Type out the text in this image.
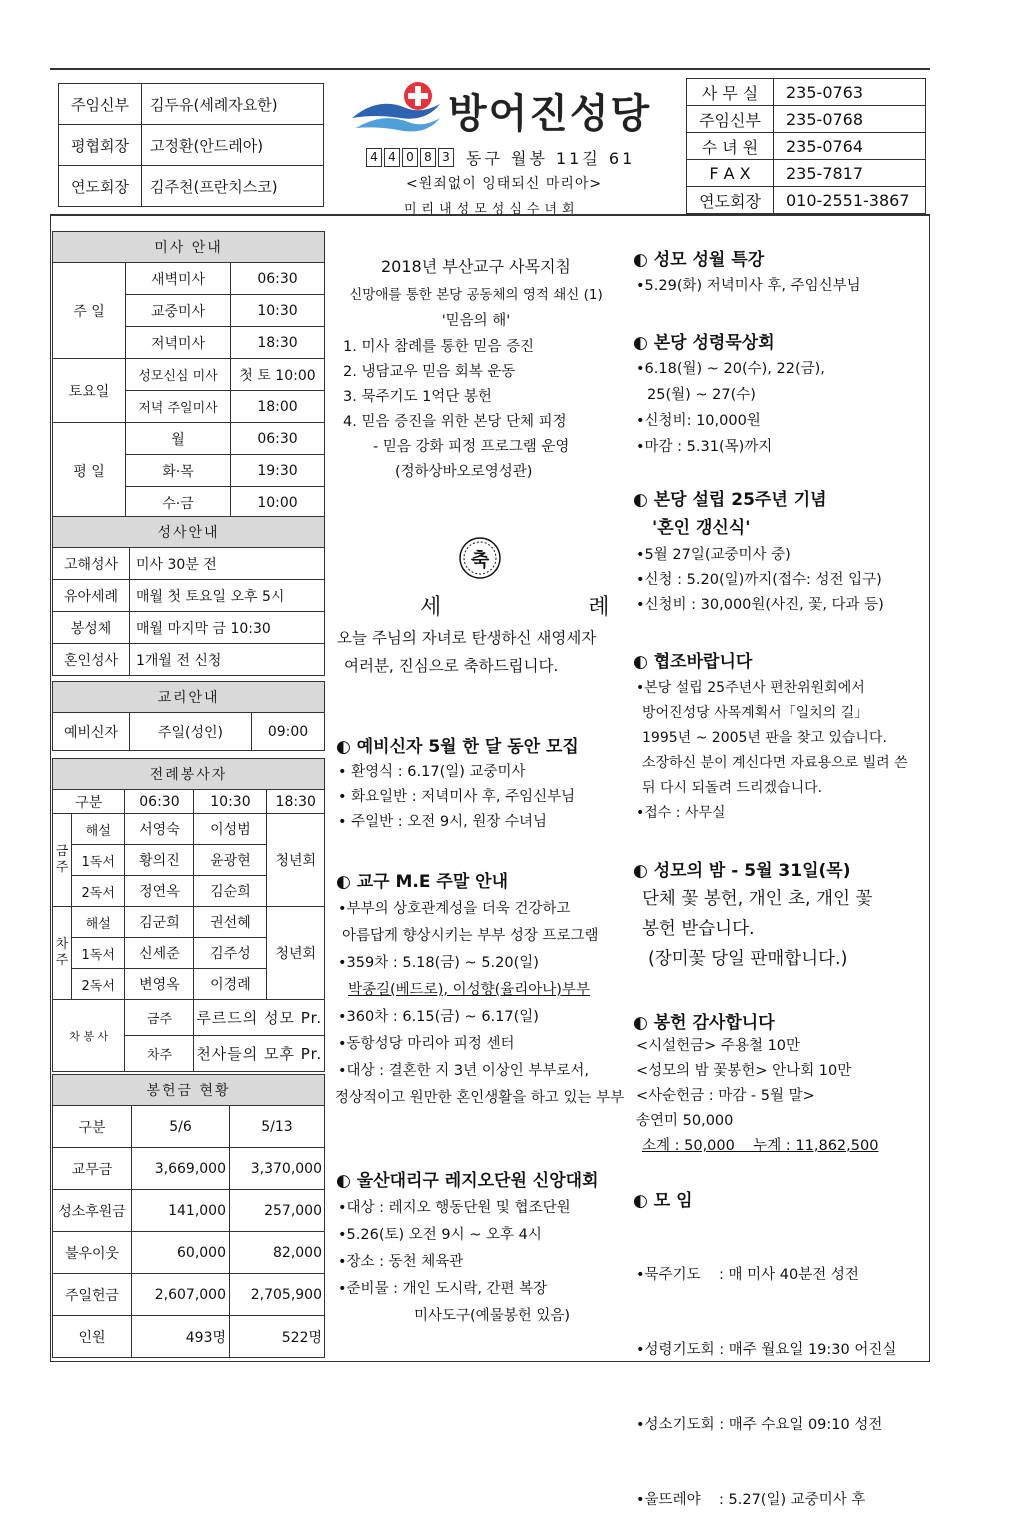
주임신부	김두유(세례자요한)
평협회장	고정환(안드레아)
연도회장	김주천(프란치스코)
방어진성당
4 4 0 8 3 동구 월봉 11길 61
<원죄없이 잉태되신 마리아>
미리내성모성심수녀회
사 무 실	235-0763
주임신부	235-0768
수 녀 원	235-0764
F A X	235-7817
연도회장	010-2551-3867
미사 안내		
주 일	새벽미사	06:30
	교중미사	10:30
	저녁미사	18:30
토요일	성모신심 미사	첫 토 10:00
	저녁 주일미사	18:00
평 일	월	06:30
	화·목	19:30
	수·금	10:00
성사안내	
고해성사	미사 30분 전
유아세례	매월 첫 토요일 오후 5시
봉성체	매월 마지막 금 10:30
혼인성사	1개월 전 신청
교리안내
예비신자	주일(성인)	09:00
전례봉사자				
구분		06:30	10:30	18:30
금주	해설	서영숙	이성범	청년회
	1독서	황의진	윤광현	
	2독서	정연옥	김순희	
차주	해설	김군희	권선혜	청년회
	1독서	신세준	김주성	
	2독서	변영옥	이경례	
차 봉 사		금주	루르드의 성모 Pr.	
		차주	천사들의 모후 Pr.	
봉헌금 현황		
구분	5/6	5/13
교무금	3,669,000	3,370,000
성소후원금	141,000	257,000
불우이웃	60,000	82,000
주일헌금	2,607,000	2,705,900
인원	493명	522명
2018년 부산교구 사목지침
신망애를 통한 본당 공동체의 영적 쇄신 (1)
'믿음의 해'
1. 미사 참례를 통한 믿음 증진
2. 냉담교우 믿음 회복 운동
3. 묵주기도 1억단 봉헌
4. 믿음 증진을 위한 본당 단체 피정
- 믿음 강화 피정 프로그램 운영
(정하상바오로영성관)
축
세 례
오늘 주님의 자녀로 탄생하신 새영세자
여러분, 진심으로 축하드립니다.
◐ 예비신자 5월 한 달 동안 모집
• 환영식 : 6.17(일) 교중미사
• 화요일반 : 저녁미사 후, 주임신부님
• 주일반 : 오전 9시, 원장 수녀님
◐ 교구 M.E 주말 안내
•부부의 상호관계성을 더욱 건강하고
아름답게 향상시키는 부부 성장 프로그램
•359차 : 5.18(금) ~ 5.20(일)
박종길(베드로), 이성향(율리아나)부부
•360차 : 6.15(금) ~ 6.17(일)
•동항성당 마리아 피정 센터
•대상 : 결혼한 지 3년 이상인 부부로서,
정상적이고 원만한 혼인생활을 하고 있는 부부
◐ 울산대리구 레지오단원 신앙대회
•대상 : 레지오 행동단원 및 협조단원
•5.26(토) 오전 9시 ~ 오후 4시
•장소 : 동천 체육관
•준비물 : 개인 도시락, 간편 복장
미사도구(예물봉헌 있음)
◐ 성모 성월 특강
•5.29(화) 저녁미사 후, 주임신부님
◐ 본당 성령묵상회
•6.18(월) ~ 20(수), 22(금),
25(월) ~ 27(수)
•신청비: 10,000원
•마감 : 5.31(목)까지
◐ 본당 설립 25주년 기념
'혼인 갱신식'
•5월 27일(교중미사 중)
•신청 : 5.20(일)까지(접수: 성전 입구)
•신청비 : 30,000원(사진, 꽃, 다과 등)
◐ 협조바랍니다
•본당 설립 25주년사 편찬위원회에서
방어진성당 사목계획서「일치의 길」
1995년 ~ 2005년 판을 찾고 있습니다.
소장하신 분이 계신다면 자료용으로 빌려 쓴
뒤 다시 되돌려 드리겠습니다.
•접수 : 사무실
◐ 성모의 밤 - 5월 31일(목)
단체 꽃 봉헌, 개인 초, 개인 꽃
봉헌 받습니다.
(장미꽃 당일 판매합니다.)
◐ 봉헌 감사합니다
<시설헌금> 주용철 10만
<성모의 밤 꽃봉헌> 안나회 10만
<사순헌금 : 마감 - 5월 말>
송연미 50,000
소계 : 50,000    누계 : 11,862,500
◐ 모 임

•묵주기도    : 매 미사 40분전 성전

•성령기도회 : 매주 월요일 19:30 어진실

•성소기도회 : 매주 수요일 09:10 성전

•울뜨레야    : 5.27(일) 교중미사 후
